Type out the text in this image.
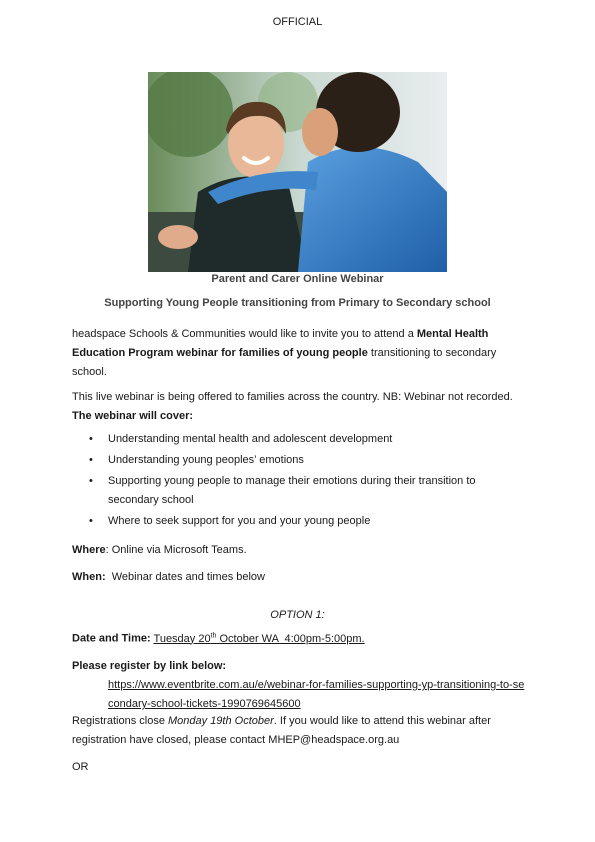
OFFICIAL
Parent and Carer Online Webinar
Supporting Young People transitioning from Primary to Secondary school

headspace Schools & Communities would like to invite you to attend a Mental Health Education Program webinar for families of young people transitioning to secondary school.

This live webinar is being offered to families across the country. NB: Webinar not recorded.

The webinar will cover:

• Understanding mental health and adolescent development
• Understanding young peoples’ emotions
• Supporting young people to manage their emotions during their transition to secondary school
• Where to seek support for you and your young people

Where: Online via Microsoft Teams.

When:  Webinar dates and times below

OPTION 1:

Date and Time: Tuesday 20th October WA  4:00pm-5:00pm.

Please register by link below:

https://www.eventbrite.com.au/e/webinar-for-families-supporting-yp-transitioning-to-secondary-school-tickets-1990769645600

Registrations close Monday 19th October. If you would like to attend this webinar after registration have closed, please contact MHEP@headspace.org.au

OR
